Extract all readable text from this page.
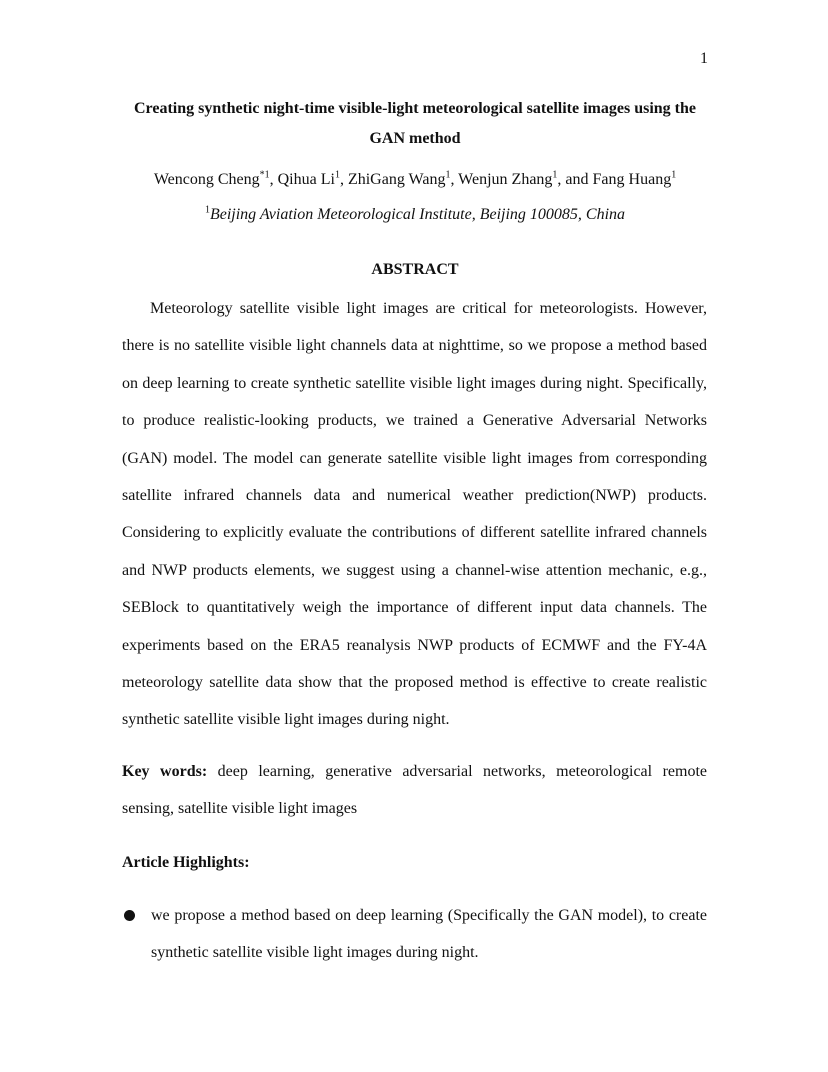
1
Creating synthetic night-time visible-light meteorological satellite images using the GAN method
Wencong Cheng$^{*1}$, Qihua Li$^1$, ZhiGang Wang$^1$, Wenjun Zhang$^1$, and Fang Huang$^1$
$^1$Beijing Aviation Meteorological Institute, Beijing 100085, China
ABSTRACT

Meteorology satellite visible light images are critical for meteorologists. However, there is no satellite visible light channels data at nighttime, so we propose a method based on deep learning to create synthetic satellite visible light images during night. Specifically, to produce realistic-looking products, we trained a Generative Adversarial Networks (GAN) model. The model can generate satellite visible light images from corresponding satellite infrared channels data and numerical weather prediction(NWP) products. Considering to explicitly evaluate the contributions of different satellite infrared channels and NWP products elements, we suggest using a channel-wise attention mechanic, e.g., SEBlock to quantitatively weigh the importance of different input data channels. The experiments based on the ERA5 reanalysis NWP products of ECMWF and the FY-4A meteorology satellite data show that the proposed method is effective to create realistic synthetic satellite visible light images during night.

Key words: deep learning, generative adversarial networks, meteorological remote sensing, satellite visible light images

Article Highlights:
we propose a method based on deep learning (Specifically the GAN model), to create synthetic satellite visible light images during night.
